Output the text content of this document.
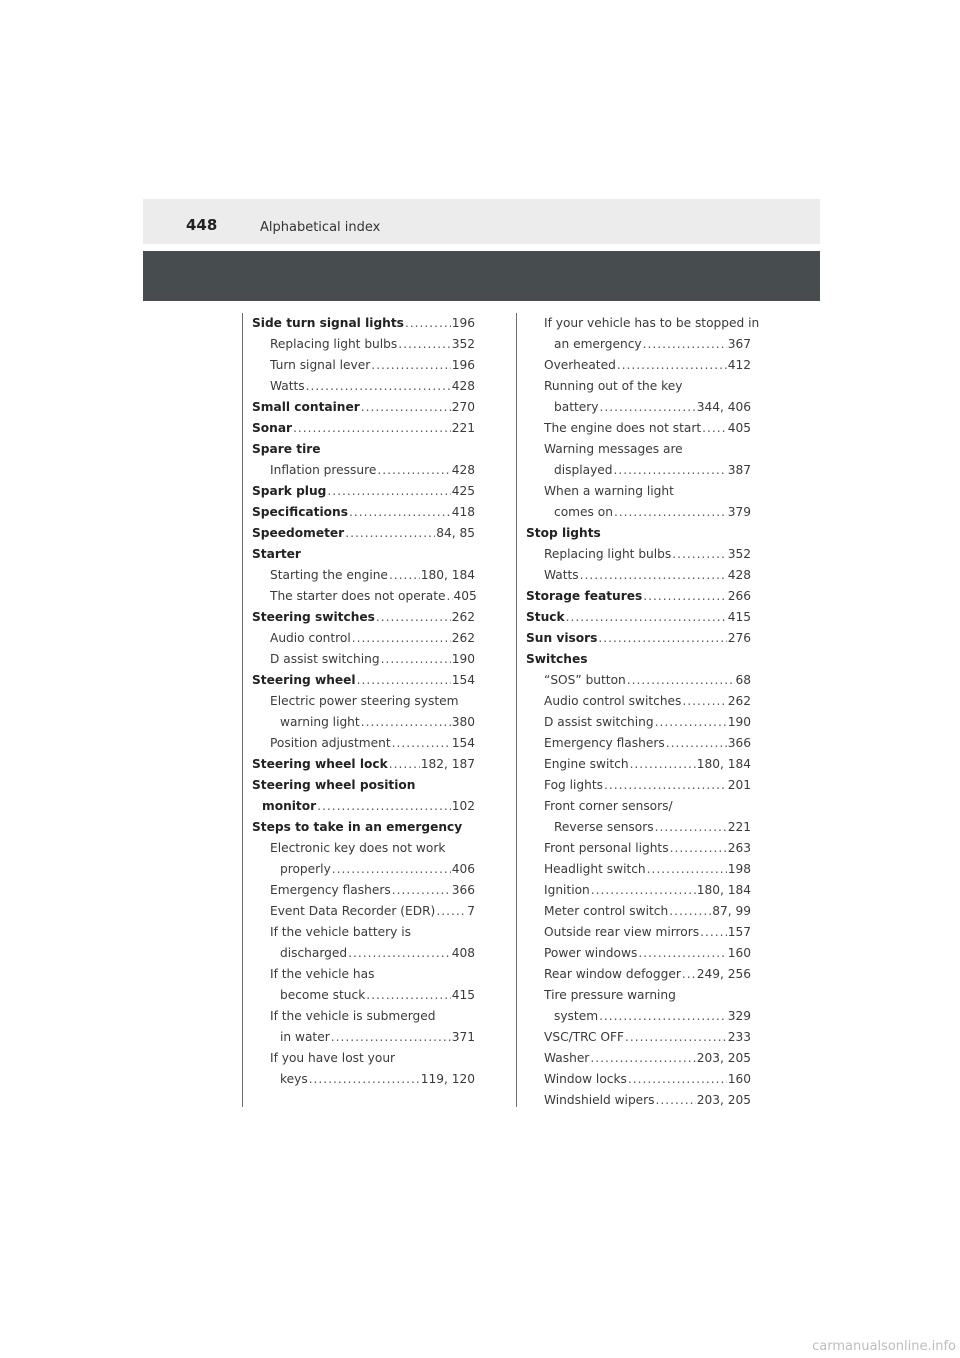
448	Alphabetical index
Side turn signal lights .....	196
Replacing light bulbs .....	352
Turn signal lever .....	196
Watts .....	428
Small container .....	270
Sonar .....	221
Spare tire
Inflation pressure .....	428
Spark plug .....	425
Specifications .....	418
Speedometer .....	84, 85
Starter
Starting the engine .....	180, 184
The starter does not operate ..... 405
Steering switches .....	262
Audio control .....	262
D assist switching .....	190
Steering wheel .....	154
Electric power steering system
warning light .....	380
Position adjustment .....	154
Steering wheel lock .....	182, 187
Steering wheel position
monitor .....	102
Steps to take in an emergency
Electronic key does not work
properly .....	406
Emergency flashers .....	366
Event Data Recorder (EDR) .....	7
If the vehicle battery is
discharged .....	408
If the vehicle has
become stuck .....	415
If the vehicle is submerged
in water .....	371
If you have lost your
keys .....	119, 120
If your vehicle has to be stopped in
an emergency .....	367
Overheated .....	412
Running out of the key
battery .....	344, 406
The engine does not start ..... 405
Warning messages are
displayed .....	387
When a warning light
comes on .....	379
Stop lights
Replacing light bulbs .....	352
Watts .....	428
Storage features .....	266
Stuck .....	415
Sun visors .....	276
Switches
“SOS” button .....	68
Audio control switches .....	262
D assist switching .....	190
Emergency flashers .....	366
Engine switch .....	180, 184
Fog lights .....	201
Front corner sensors/
Reverse sensors .....	221
Front personal lights .....	263
Headlight switch .....	198
Ignition .....	180, 184
Meter control switch .....	87, 99
Outside rear view mirrors ..... 157
Power windows .....	160
Rear window defogger ..... 249, 256
Tire pressure warning
system .....	329
VSC/TRC OFF .....	233
Washer .....	203, 205
Window locks .....	160
Windshield wipers .....	203, 205
carmanualsonline.info
